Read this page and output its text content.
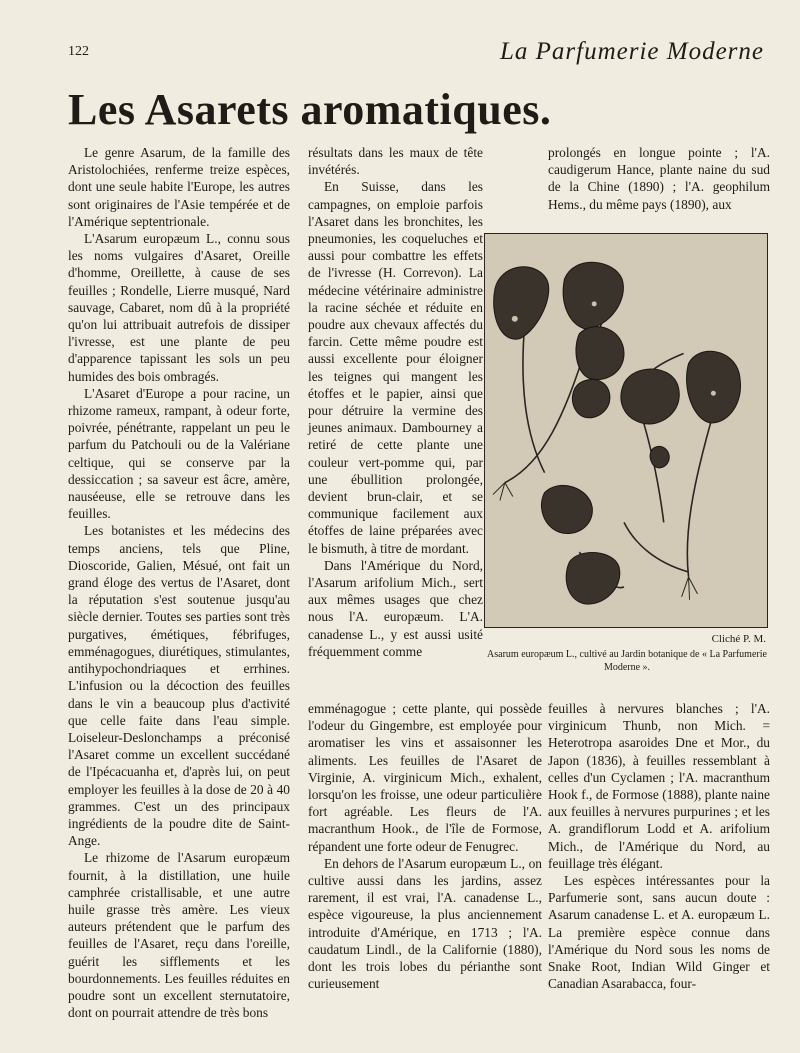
122	La Parfumerie Moderne
Les Asarets aromatiques.

Le genre Asarum, de la famille des Aristolochiées, renferme treize espèces, dont une seule habite l'Europe, les autres sont originaires de l'Asie tempérée et de l'Amérique septentrionale.

L'Asarum europæum L., connu sous les noms vulgaires d'Asaret, Oreille d'homme, Oreillette, à cause de ses feuilles ; Rondelle, Lierre musqué, Nard sauvage, Cabaret, nom dû à la propriété qu'on lui attribuait autrefois de dissiper l'ivresse, est une plante de peu d'apparence tapissant les sols un peu humides des bois ombragés.

L'Asaret d'Europe a pour racine, un rhizome rameux, rampant, à odeur forte, poivrée, pénétrante, rappelant un peu le parfum du Patchouli ou de la Valériane celtique, qui se conserve par la dessiccation ; sa saveur est âcre, amère, nauséeuse, elle se retrouve dans les feuilles.

Les botanistes et les médecins des temps anciens, tels que Pline, Dioscoride, Galien, Mésué, ont fait un grand éloge des vertus de l'Asaret, dont la réputation s'est soutenue jusqu'au siècle dernier. Toutes ses parties sont très purgatives, émétiques, fébrifuges, emménagogues, diurétiques, stimulantes, antihypochondriaques et errhines. L'infusion ou la décoction des feuilles dans le vin a beaucoup plus d'activité que celle faite dans l'eau simple. Loiseleur-Deslonchamps a préconisé l'Asaret comme un excellent succédané de l'Ipécacuanha et, d'après lui, on peut employer les feuilles à la dose de 20 à 40 grammes. C'est un des principaux ingrédients de la poudre dite de Saint-Ange.

Le rhizome de l'Asarum europæum fournit, à la distillation, une huile camphrée cristallisable, et une autre huile grasse très amère. Les vieux auteurs prétendent que le parfum des feuilles de l'Asaret, reçu dans l'oreille, guérit les sifflements et les bourdonnements. Les feuilles réduites en poudre sont un excellent sternutatoire, dont on pourrait attendre de très bons

résultats dans les maux de tête invétérés.

En Suisse, dans les campagnes, on emploie parfois l'Asaret dans les bronchites, les pneumonies, les coqueluches et aussi pour combattre les effets de l'ivresse (H. Correvon). La médecine vétérinaire administre la racine séchée et réduite en poudre aux chevaux affectés du farcin. Cette même poudre est aussi excellente pour éloigner les teignes qui mangent les étoffes et le papier, ainsi que pour détruire la vermine des jeunes animaux. Dambourney a retiré de cette plante une couleur vert-pomme qui, par une ébullition prolongée, devient brun-clair, et se communique facilement aux étoffes de laine préparées avec le bismuth, à titre de mordant.

Dans l'Amérique du Nord, l'Asarum arifolium Mich., sert aux mêmes usages que chez nous l'A. europæum. L'A. canadense L., y est aussi usité fréquemment comme

emménagogue ; cette plante, qui possède l'odeur du Gingembre, est employée pour aromatiser les vins et assaisonner les aliments. Les feuilles de l'Asaret de Virginie, A. virginicum Mich., exhalent, lorsqu'on les froisse, une odeur particulière fort agréable. Les fleurs de l'A. macranthum Hook., de l'île de Formose, répandent une forte odeur de Fenugrec.

En dehors de l'Asarum europæum L., on cultive aussi dans les jardins, assez rarement, il est vrai, l'A. canadense L., espèce vigoureuse, la plus anciennement introduite d'Amérique, en 1713 ; l'A. caudatum Lindl., de la Californie (1880), dont les trois lobes du périanthe sont curieusement

prolongés en longue pointe ; l'A. caudigerum Hance, plante naine du sud de la Chine (1890) ; l'A. geophilum Hems., du même pays (1890), aux

Cliché P. M.
Asarum europæum L., cultivé au Jardin botanique de « La Parfumerie Moderne ».

feuilles à nervures blanches ; l'A. virginicum Thunb, non Mich. = Heterotropa asaroides Dne et Mor., du Japon (1836), à feuilles ressemblant à celles d'un Cyclamen ; l'A. macranthum Hook f., de Formose (1888), plante naine aux feuilles à nervures purpurines ; et les A. grandiflorum Lodd et A. arifolium Mich., de l'Amérique du Nord, au feuillage très élégant.

Les espèces intéressantes pour la Parfumerie sont, sans aucun doute : Asarum canadense L. et A. europæum L. La première espèce connue dans l'Amérique du Nord sous les noms de Snake Root, Indian Wild Ginger et Canadian Asarabacca, four-
